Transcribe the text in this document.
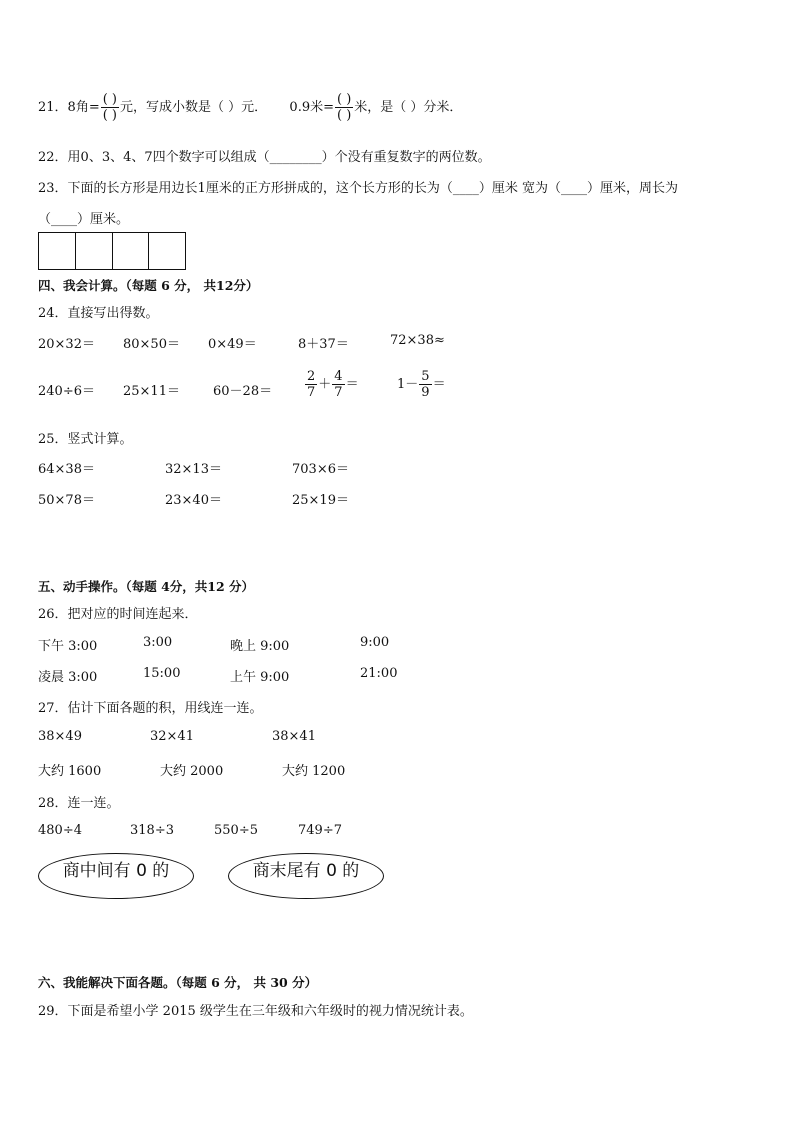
21．8角= $\frac{( )}{( )}$ 元，写成小数是（ ）元． 0.9米= $\frac{( )}{( )}$ 米，是（ ）分米．
22．用0、3、4、7四个数字可以组成（________）个没有重复数字的两位数。
23．下面的长方形是用边长1厘米的正方形拼成的，这个长方形的长为（____）厘米 宽为（____）厘米，周长为
（____）厘米。
四、我会计算。（每题 6 分， 共12分）
24．直接写出得数。
20×32＝ 80×50＝ 0×49＝	8＋37＝	72×38≈
240÷6＝ 25×11＝	60－28＝	$\frac{2}{7} + \frac{4}{7}$ ＝	$1- \frac{5}{9}$ ＝
25．竖式计算。
64×38＝	32×13＝	703×6＝
50×78＝	23×40＝	25×19＝
五、动手操作。（每题 4分，共12 分）
26．把对应的时间连起来．
下午 3:00	3:00	晚上 9:00	9:00
凌晨 3:00	15:00	上午 9:00	21:00
27．估计下面各题的积，用线连一连。
38×49	32×41	38×41
大约 1600	大约 2000	大约 1200
28．连一连。
480÷4	318÷3	550÷5	749÷7
商中间有 0 的	商末尾有 0 的
六、我能解决下面各题。（每题 6 分， 共 30 分）
29．下面是希望小学 2015 级学生在三年级和六年级时的视力情况统计表。
